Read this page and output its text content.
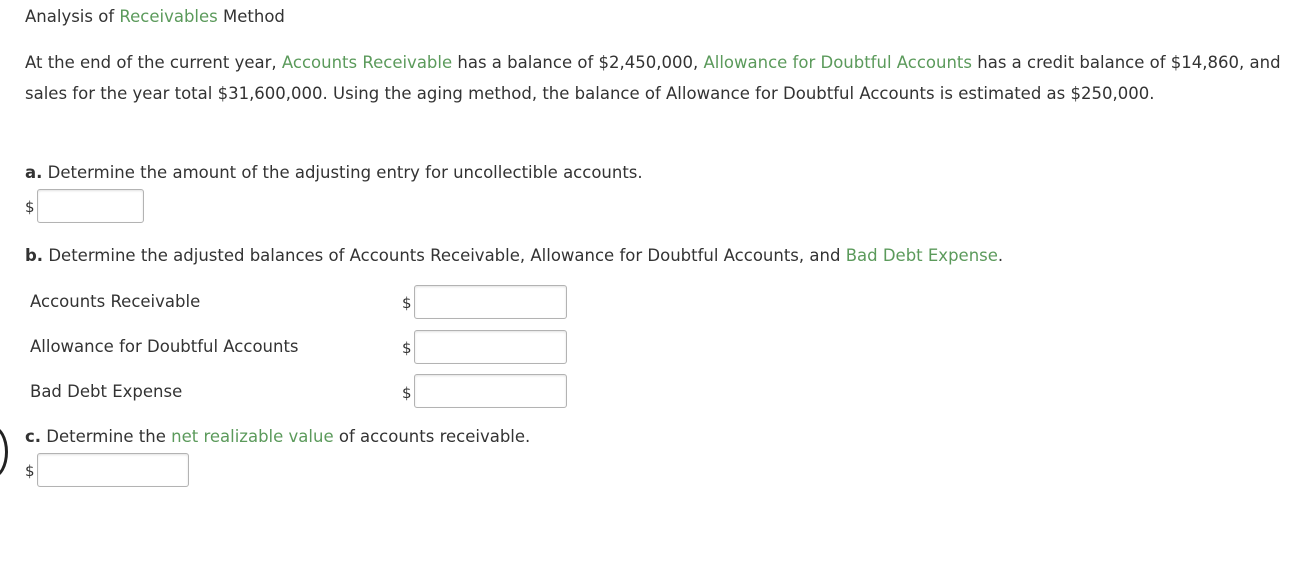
Analysis of Receivables Method
At the end of the current year, Accounts Receivable has a balance of $2,450,000, Allowance for Doubtful Accounts has a credit balance of $14,860, and sales for the year total $31,600,000. Using the aging method, the balance of Allowance for Doubtful Accounts is estimated as $250,000.
a. Determine the amount of the adjusting entry for uncollectible accounts.
$
b. Determine the adjusted balances of Accounts Receivable, Allowance for Doubtful Accounts, and Bad Debt Expense.
Accounts Receivable	$
Allowance for Doubtful Accounts	$
Bad Debt Expense	$
c. Determine the net realizable value of accounts receivable.
$
